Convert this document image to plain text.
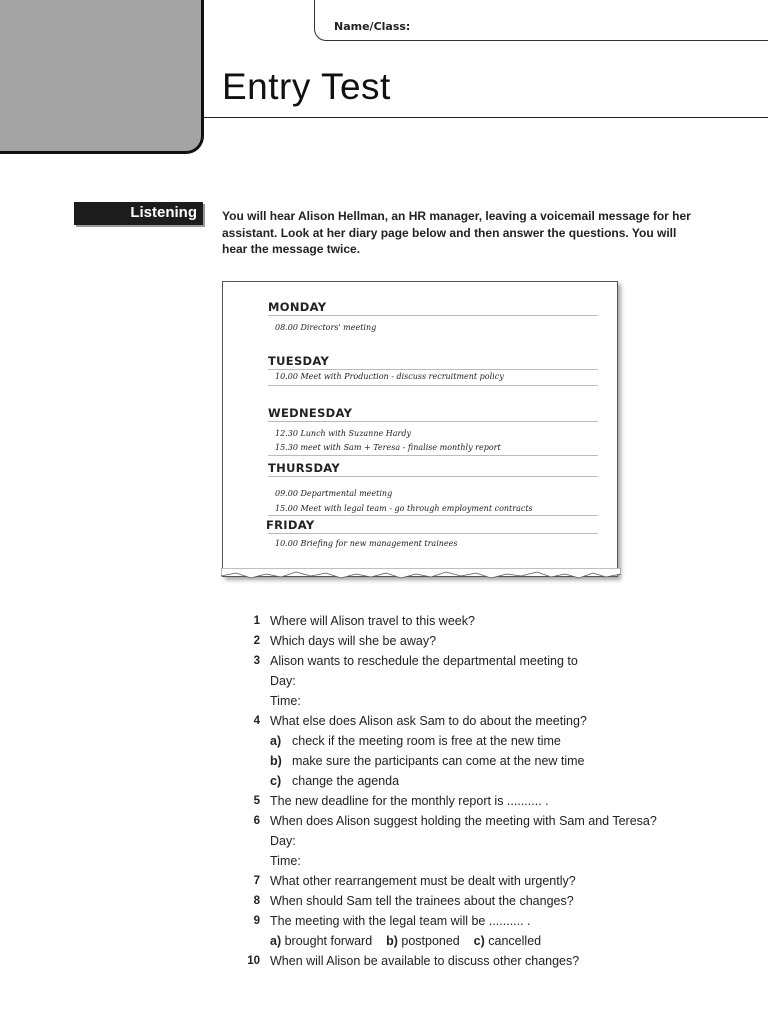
Name/Class:
Entry Test
Listening You will hear Alison Hellman, an HR manager, leaving a voicemail message for her assistant. Look at her diary page below and then answer the questions. You will hear the message twice.
MONDAY
08.00 Directors' meeting
TUESDAY
10.00 Meet with Production - discuss recruitment policy
WEDNESDAY
12.30 Lunch with Suzanne Hardy
15.30 meet with Sam + Teresa - finalise monthly report
THURSDAY
09.00 Departmental meeting
15.00 Meet with legal team - go through employment contracts
FRIDAY
10.00 Briefing for new management trainees
1 Where will Alison travel to this week?
2 Which days will she be away?
3 Alison wants to reschedule the departmental meeting to
Day:
Time:
4 What else does Alison ask Sam to do about the meeting?
a) check if the meeting room is free at the new time
b) make sure the participants can come at the new time
c) change the agenda
5 The new deadline for the monthly report is .......... .
6 When does Alison suggest holding the meeting with Sam and Teresa?
Day:
Time:
7 What other rearrangement must be dealt with urgently?
8 When should Sam tell the trainees about the changes?
9 The meeting with the legal team will be .......... .
a) brought forward b) postponed c) cancelled
10 When will Alison be available to discuss other changes?
